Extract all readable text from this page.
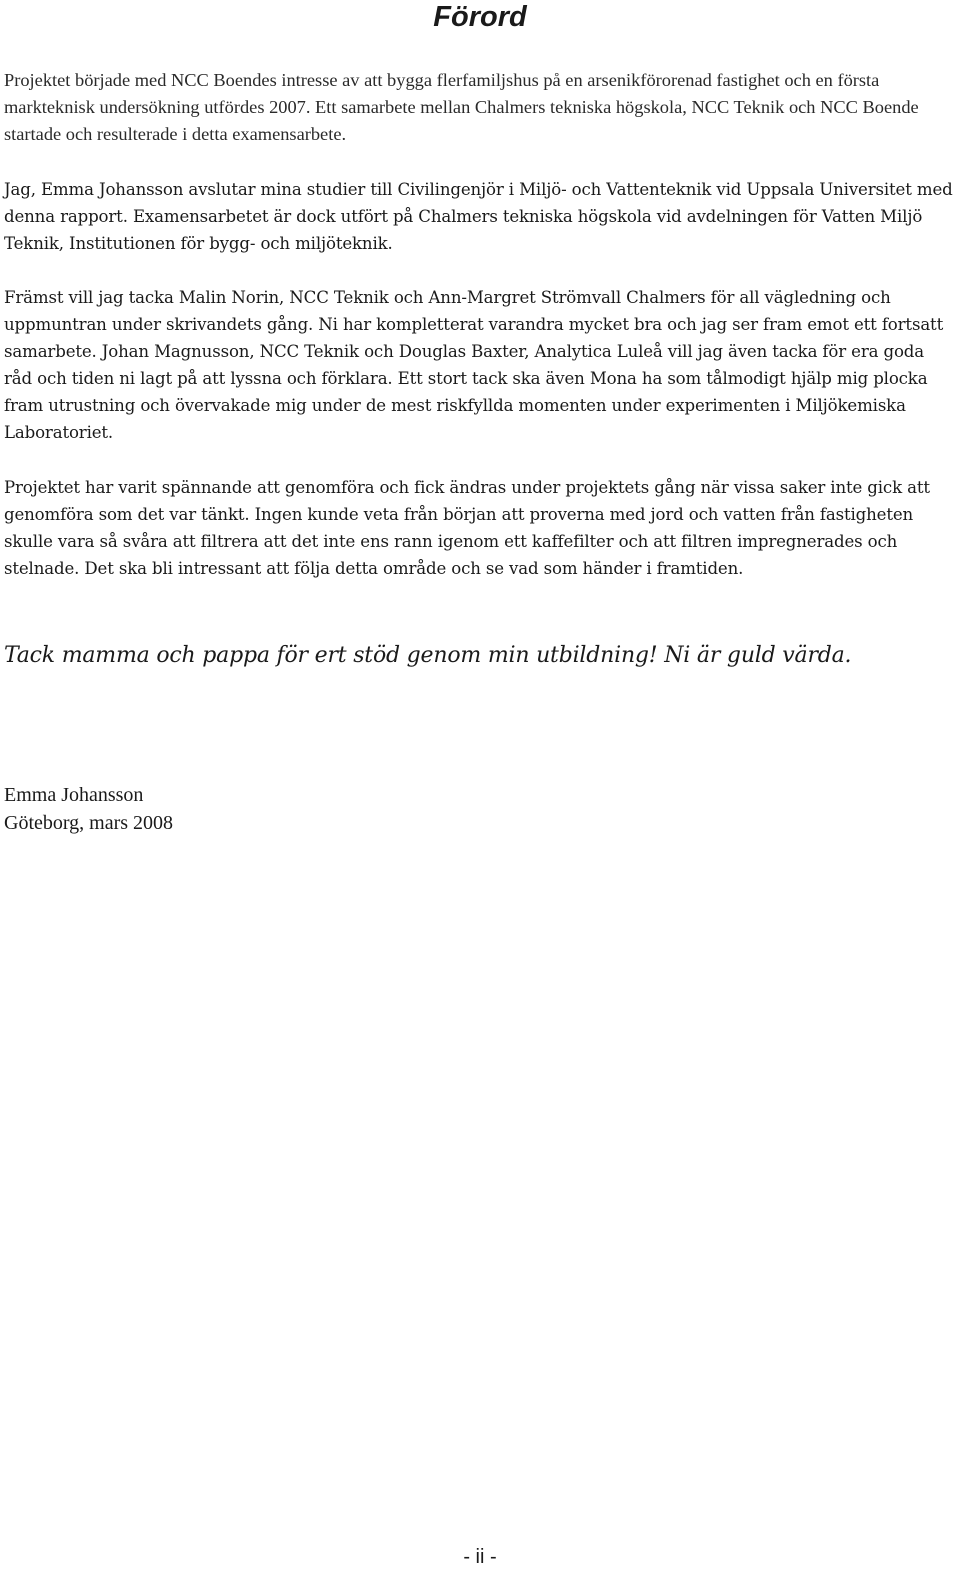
Förord

Projektet började med NCC Boendes intresse av att bygga flerfamiljshus på en arsenikförorenad fastighet och en första markteknisk undersökning utfördes 2007. Ett samarbete mellan Chalmers tekniska högskola, NCC Teknik och NCC Boende startade och resulterade i detta examensarbete.

Jag, Emma Johansson avslutar mina studier till Civilingenjör i Miljö- och Vattenteknik vid Uppsala Universitet med denna rapport. Examensarbetet är dock utfört på Chalmers tekniska högskola vid avdelningen för Vatten Miljö Teknik, Institutionen för bygg- och miljöteknik.

Främst vill jag tacka Malin Norin, NCC Teknik och Ann-Margret Strömvall Chalmers för all vägledning och uppmuntran under skrivandets gång. Ni har kompletterat varandra mycket bra och jag ser fram emot ett fortsatt samarbete. Johan Magnusson, NCC Teknik och Douglas Baxter, Analytica Luleå vill jag även tacka för era goda råd och tiden ni lagt på att lyssna och förklara. Ett stort tack ska även Mona ha som tålmodigt hjälp mig plocka fram utrustning och övervakade mig under de mest riskfyllda momenten under experimenten i Miljökemiska Laboratoriet.

Projektet har varit spännande att genomföra och fick ändras under projektets gång när vissa saker inte gick att genomföra som det var tänkt. Ingen kunde veta från början att proverna med jord och vatten från fastigheten skulle vara så svåra att filtrera att det inte ens rann igenom ett kaffefilter och att filtren impregnerades och stelnade. Det ska bli intressant att följa detta område och se vad som händer i framtiden.

Tack mamma och pappa för ert stöd genom min utbildning! Ni är guld värda.

Emma Johansson
Göteborg, mars 2008

- ii -
